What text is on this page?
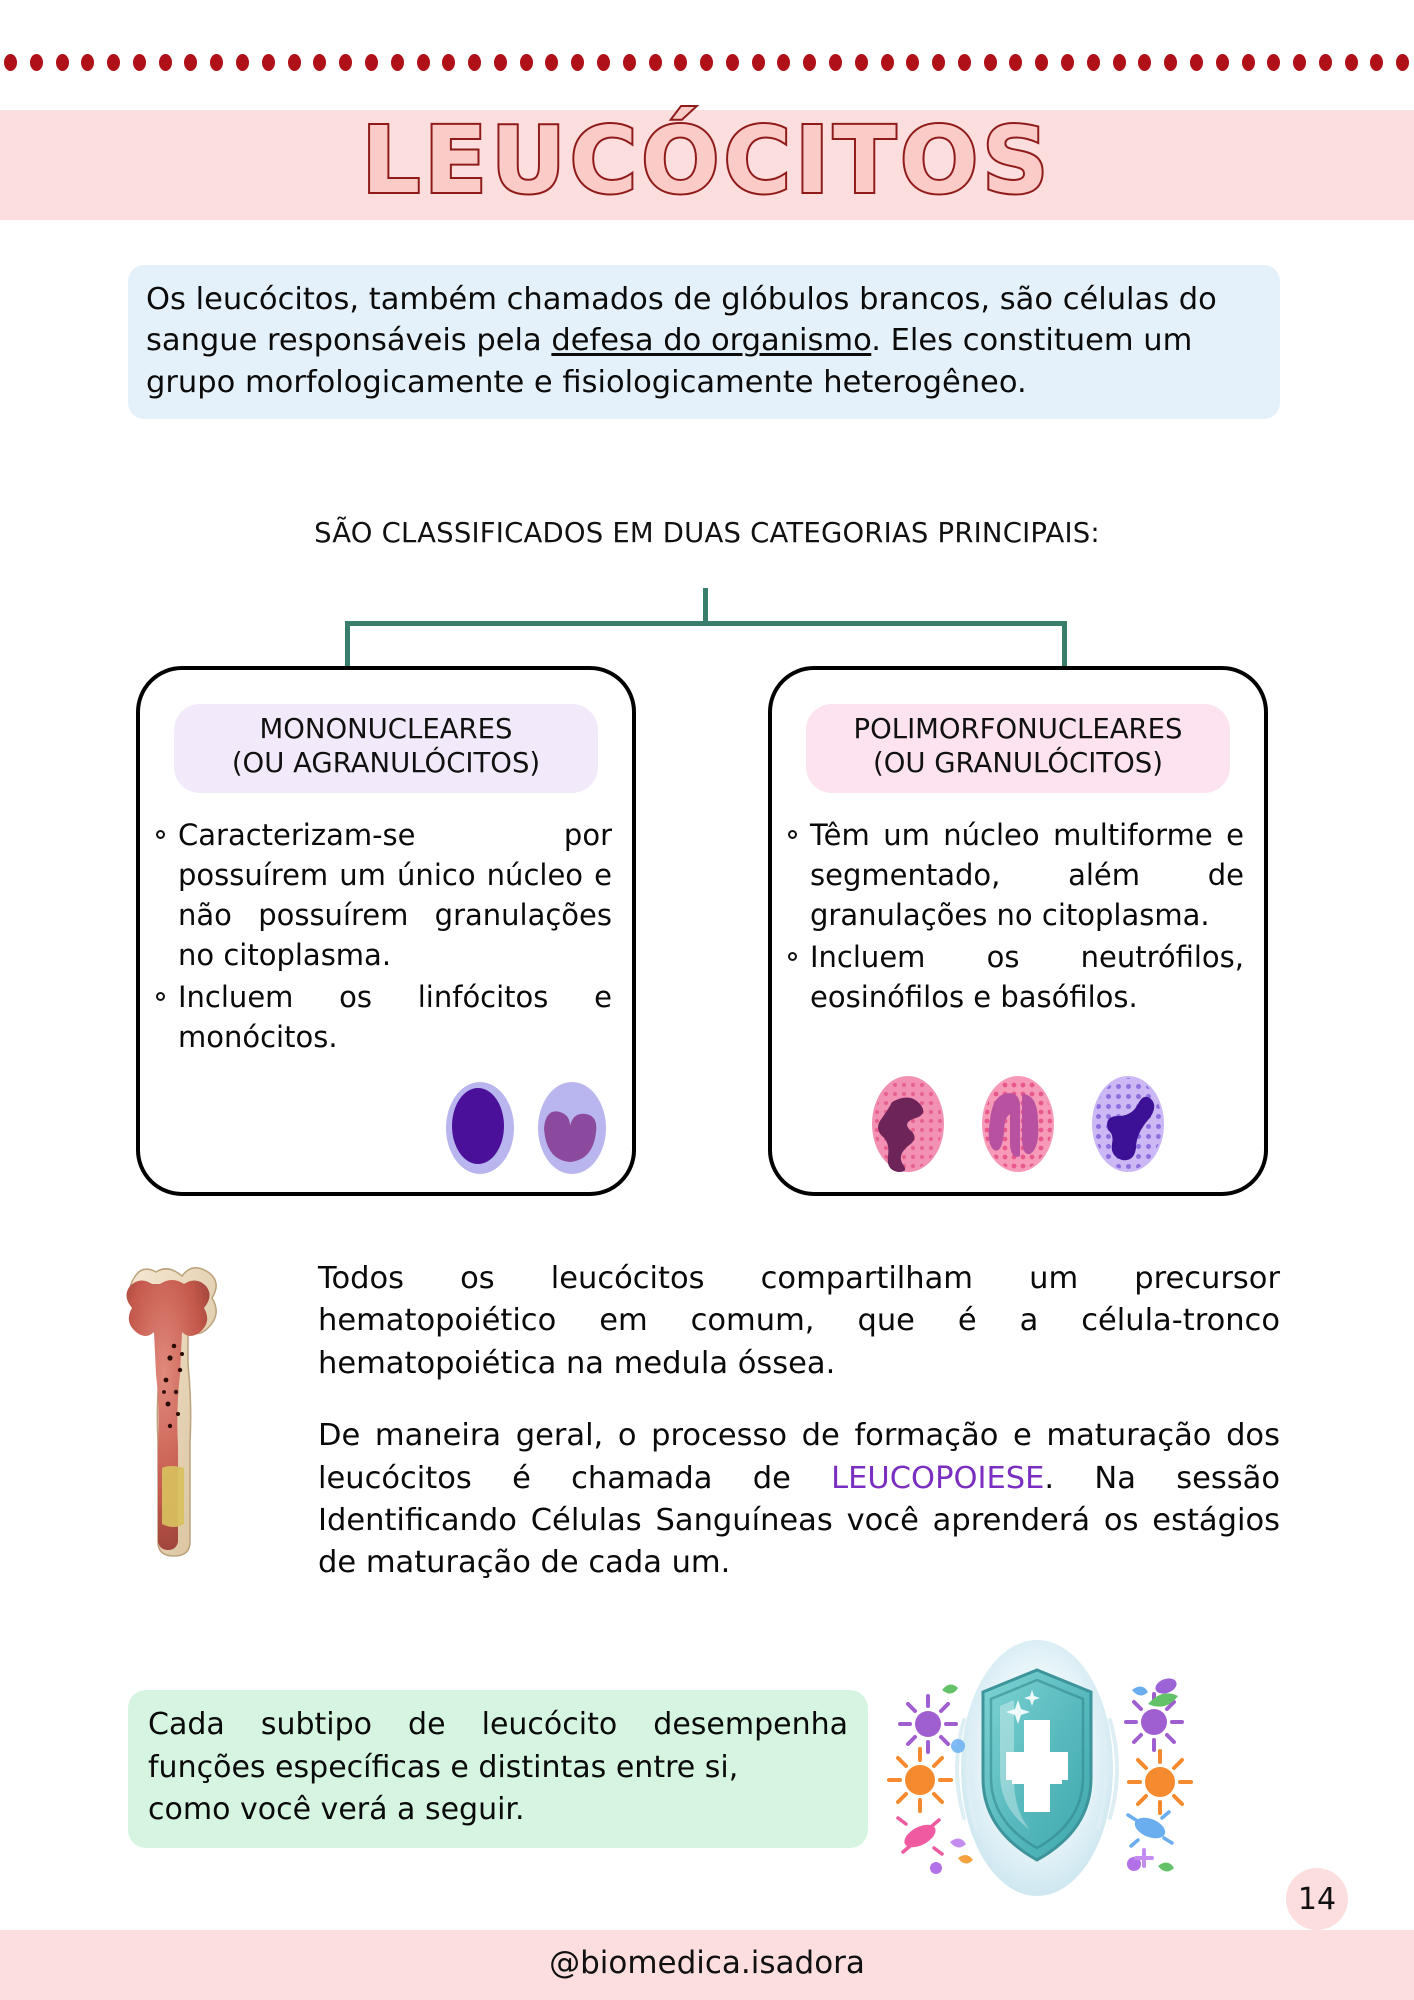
LEUCÓCITOS
Os leucócitos, também chamados de glóbulos brancos, são células do sangue responsáveis pela defesa do organismo. Eles constituem um grupo morfologicamente e fisiologicamente heterogêneo.
SÃO CLASSIFICADOS EM DUAS CATEGORIAS PRINCIPAIS:
MONONUCLEARES
(OU AGRANULÓCITOS)
Caracterizam-se por possuírem um único núcleo e não possuírem granulações no citoplasma.
Incluem os linfócitos e monócitos.
POLIMORFONUCLEARES
(OU GRANULÓCITOS)
Têm um núcleo multiforme e segmentado, além de granulações no citoplasma.
Incluem os neutrófilos, eosinófilos e basófilos.

Todos os leucócitos compartilham um precursor hematopoiético em comum, que é a célula-tronco hematopoiética na medula óssea.

De maneira geral, o processo de formação e maturação dos leucócitos é chamada de LEUCOPOIESE. Na sessão Identificando Células Sanguíneas você aprenderá os estágios de maturação de cada um.

Cada subtipo de leucócito desempenha funções específicas e distintas entre si,
como você verá a seguir.
14
@biomedica.isadora
